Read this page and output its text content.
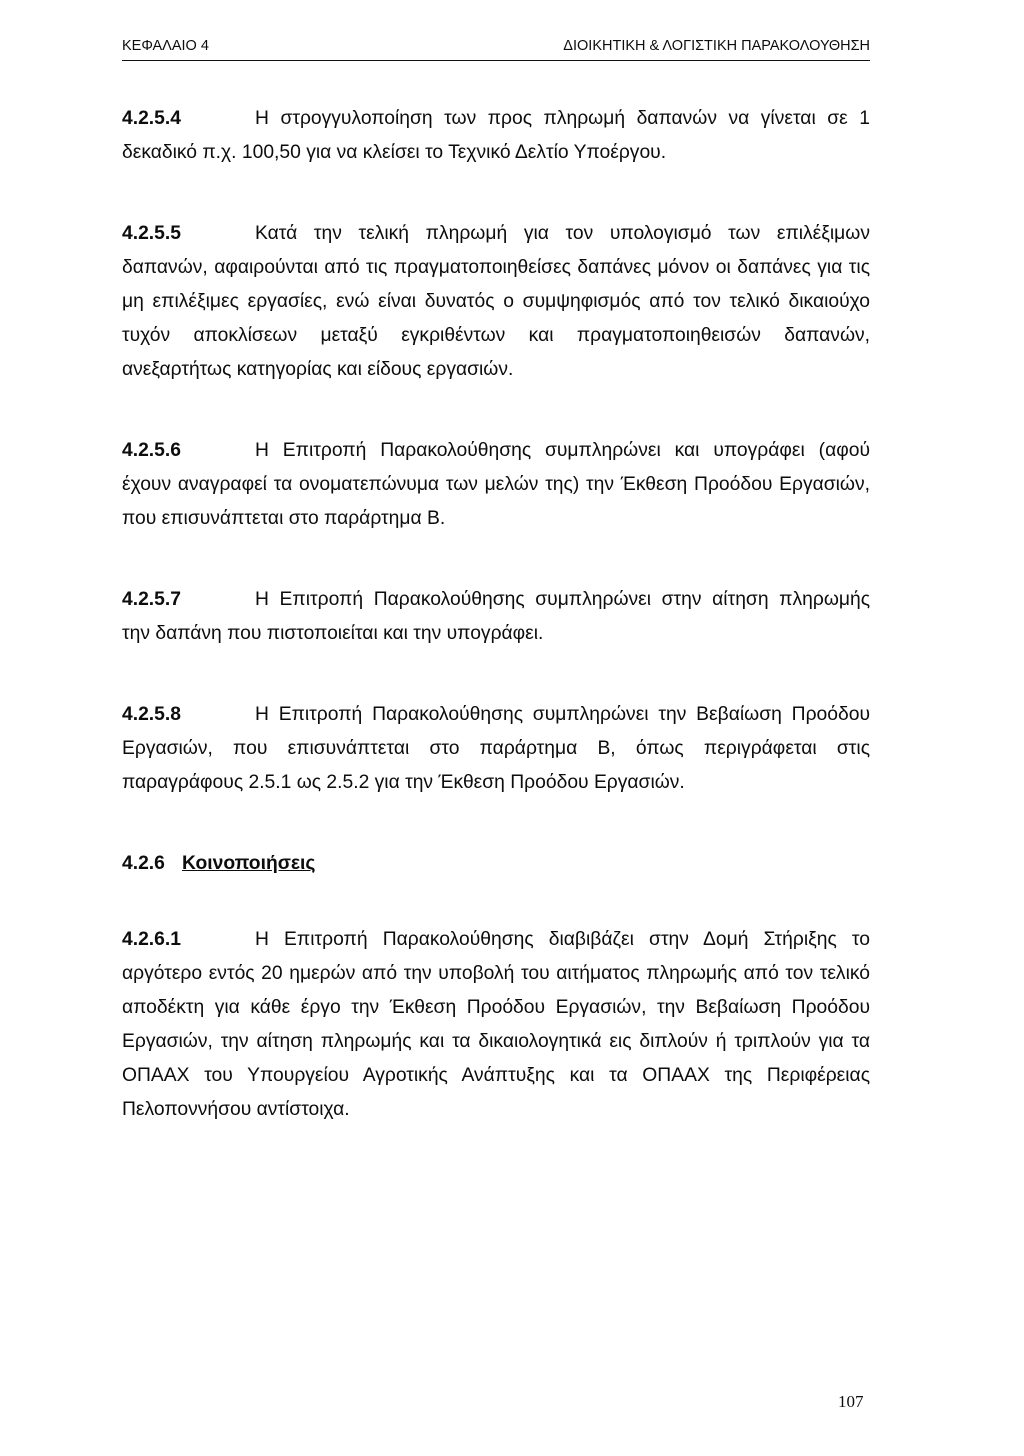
ΚΕΦΑΛΑΙΟ 4	ΔΙΟΙΚΗΤΙΚΗ & ΛΟΓΙΣΤΙΚΗ ΠΑΡΑΚΟΛΟΥΘΗΣΗ

4.2.5.4	Η στρογγυλοποίηση των προς πληρωμή δαπανών να γίνεται σε 1 δεκαδικό π.χ. 100,50 για να κλείσει το Τεχνικό Δελτίο Υποέργου.

4.2.5.5	Κατά την τελική πληρωμή για τον υπολογισμό των επιλέξιμων δαπανών, αφαιρούνται από τις πραγματοποιηθείσες δαπάνες μόνον οι δαπάνες για τις μη επιλέξιμες εργασίες, ενώ είναι δυνατός ο συμψηφισμός από τον τελικό δικαιούχο τυχόν αποκλίσεων μεταξύ εγκριθέντων και πραγματοποιηθεισών δαπανών, ανεξαρτήτως κατηγορίας και είδους εργασιών.

4.2.5.6	Η Επιτροπή Παρακολούθησης συμπληρώνει και υπογράφει (αφού έχουν αναγραφεί τα ονοματεπώνυμα των μελών της) την Έκθεση Προόδου Εργασιών, που επισυνάπτεται στο παράρτημα Β.

4.2.5.7	Η Επιτροπή Παρακολούθησης συμπληρώνει στην αίτηση πληρωμής την δαπάνη που πιστοποιείται και την υπογράφει.

4.2.5.8	Η Επιτροπή Παρακολούθησης συμπληρώνει την Βεβαίωση Προόδου Εργασιών, που επισυνάπτεται στο παράρτημα Β, όπως περιγράφεται στις παραγράφους 2.5.1 ως 2.5.2 για την Έκθεση Προόδου Εργασιών.

4.2.6 Κοινοποιήσεις

4.2.6.1	Η Επιτροπή Παρακολούθησης διαβιβάζει στην Δομή Στήριξης το αργότερο εντός 20 ημερών από την υποβολή του αιτήματος πληρωμής από τον τελικό αποδέκτη για κάθε έργο την Έκθεση Προόδου Εργασιών, την Βεβαίωση Προόδου Εργασιών, την αίτηση πληρωμής και τα δικαιολογητικά εις διπλούν ή τριπλούν για τα ΟΠΑΑΧ του Υπουργείου Αγροτικής Ανάπτυξης και τα ΟΠΑΑΧ της Περιφέρειας Πελοποννήσου αντίστοιχα.

107
